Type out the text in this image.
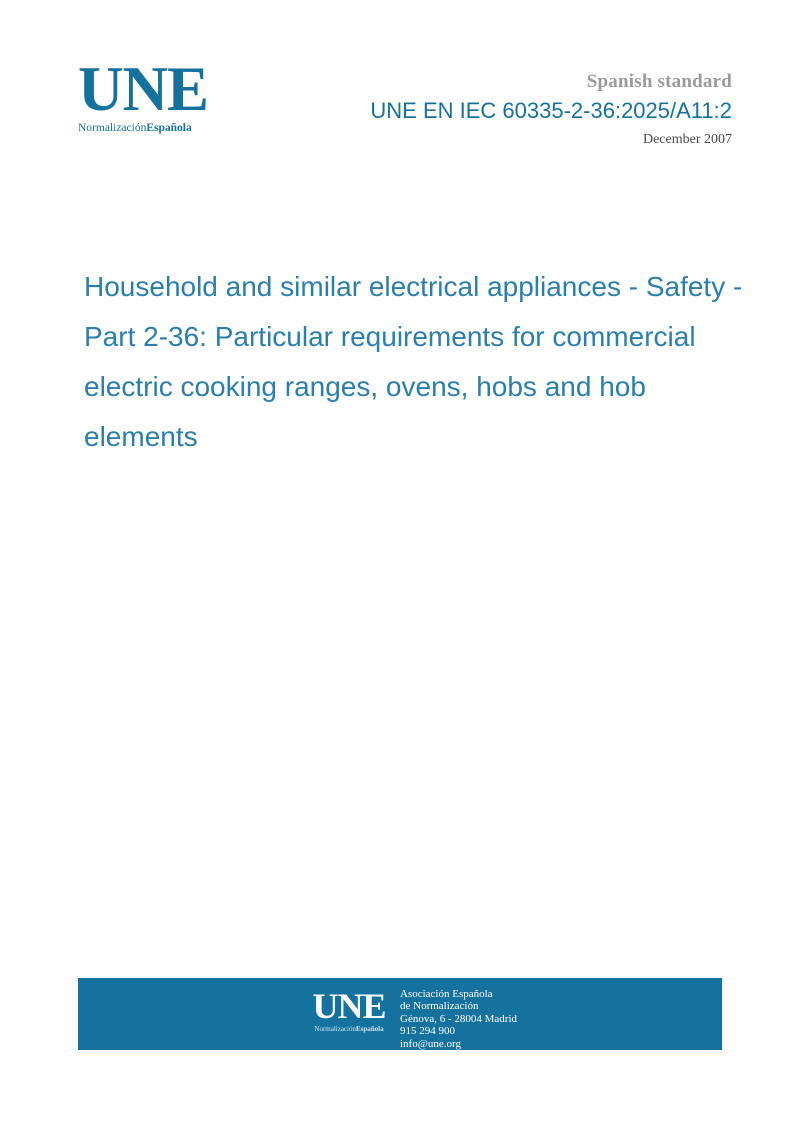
UNE
NormalizaciónEspañola
Spanish standard
UNE EN IEC 60335-2-36:2025/A11:2
December 2007
Household and similar electrical appliances - Safety - Part 2-36: Particular requirements for commercial electric cooking ranges, ovens, hobs and hob elements
UNE
NormalizaciónEspañola
Asociación Española
de Normalización
Génova, 6 - 28004 Madrid
915 294 900
info@une.org
www.une.org
